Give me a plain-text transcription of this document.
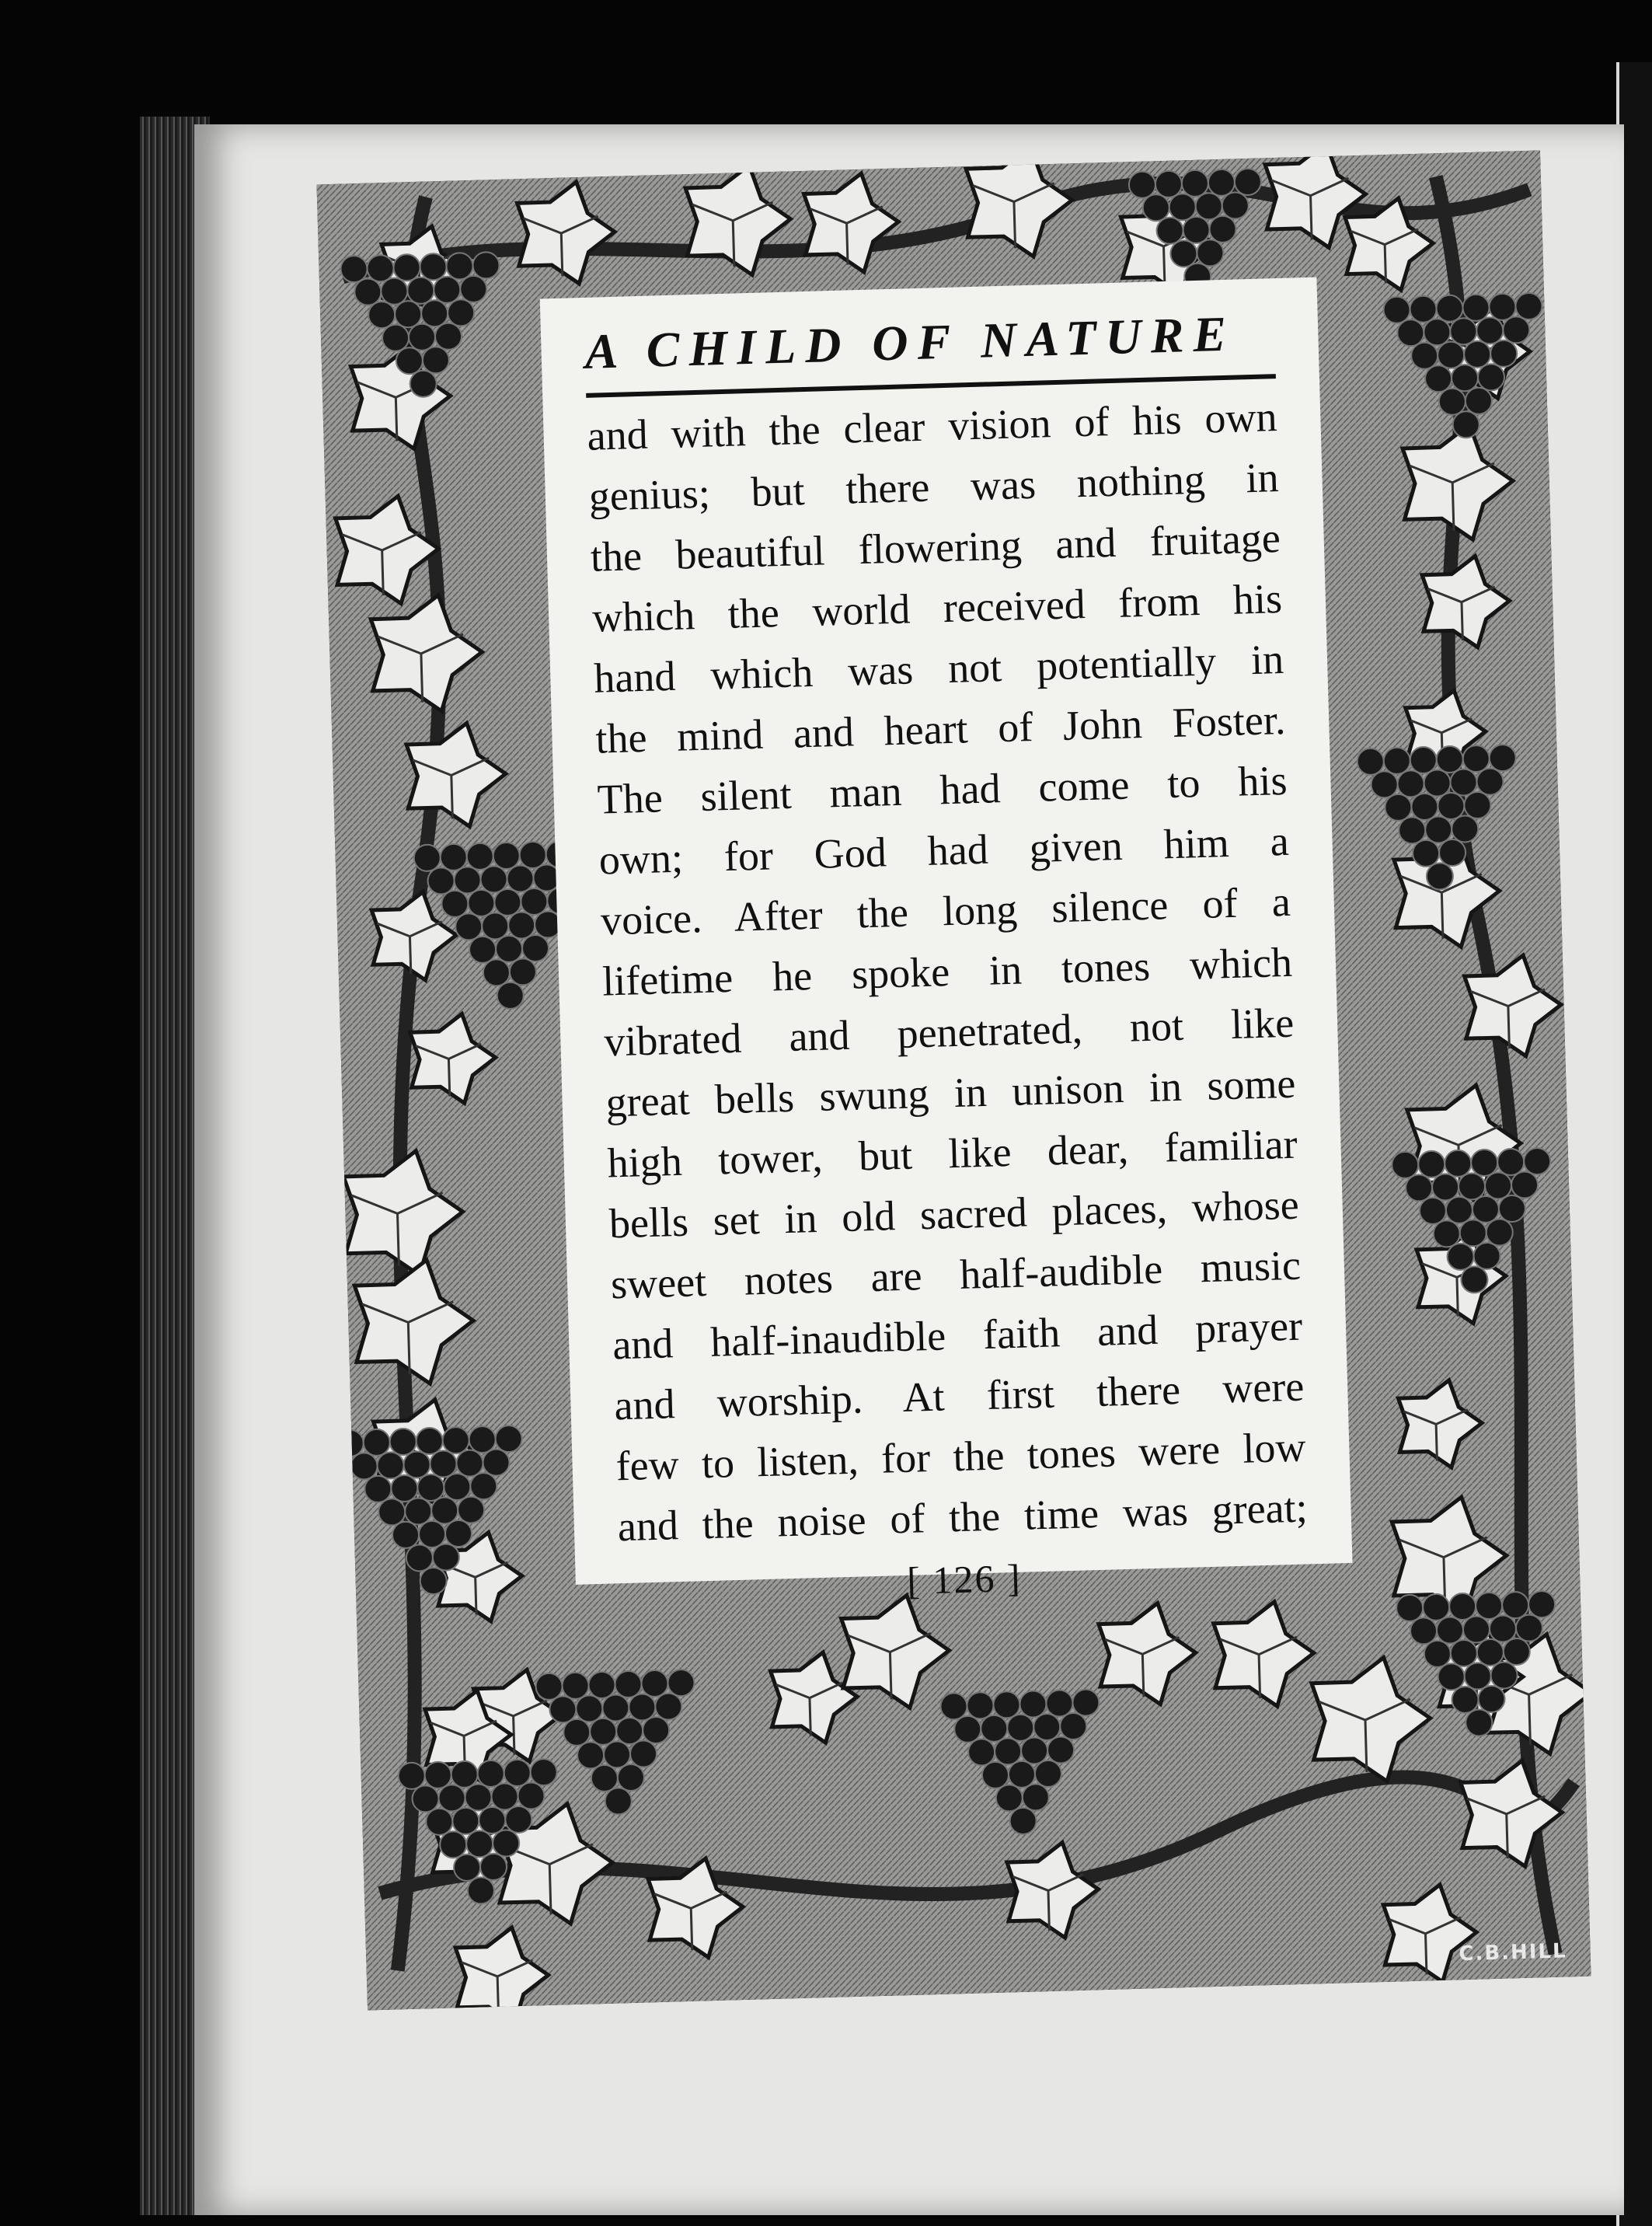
A CHILD OF NATURE
and with the clear vision of his own
genius; but there was nothing in
the beautiful flowering and fruitage
which the world received from his
hand which was not potentially in
the mind and heart of John Foster.
The silent man had come to his
own; for God had given him a
voice. After the long silence of a
lifetime he spoke in tones which
vibrated and penetrated, not like
great bells swung in unison in some
high tower, but like dear, familiar
bells set in old sacred places, whose
sweet notes are half-audible music
and half-inaudible faith and prayer
and worship. At first there were
few to listen, for the tones were low
and the noise of the time was great;
[ 126 ]
C.B.HILL
